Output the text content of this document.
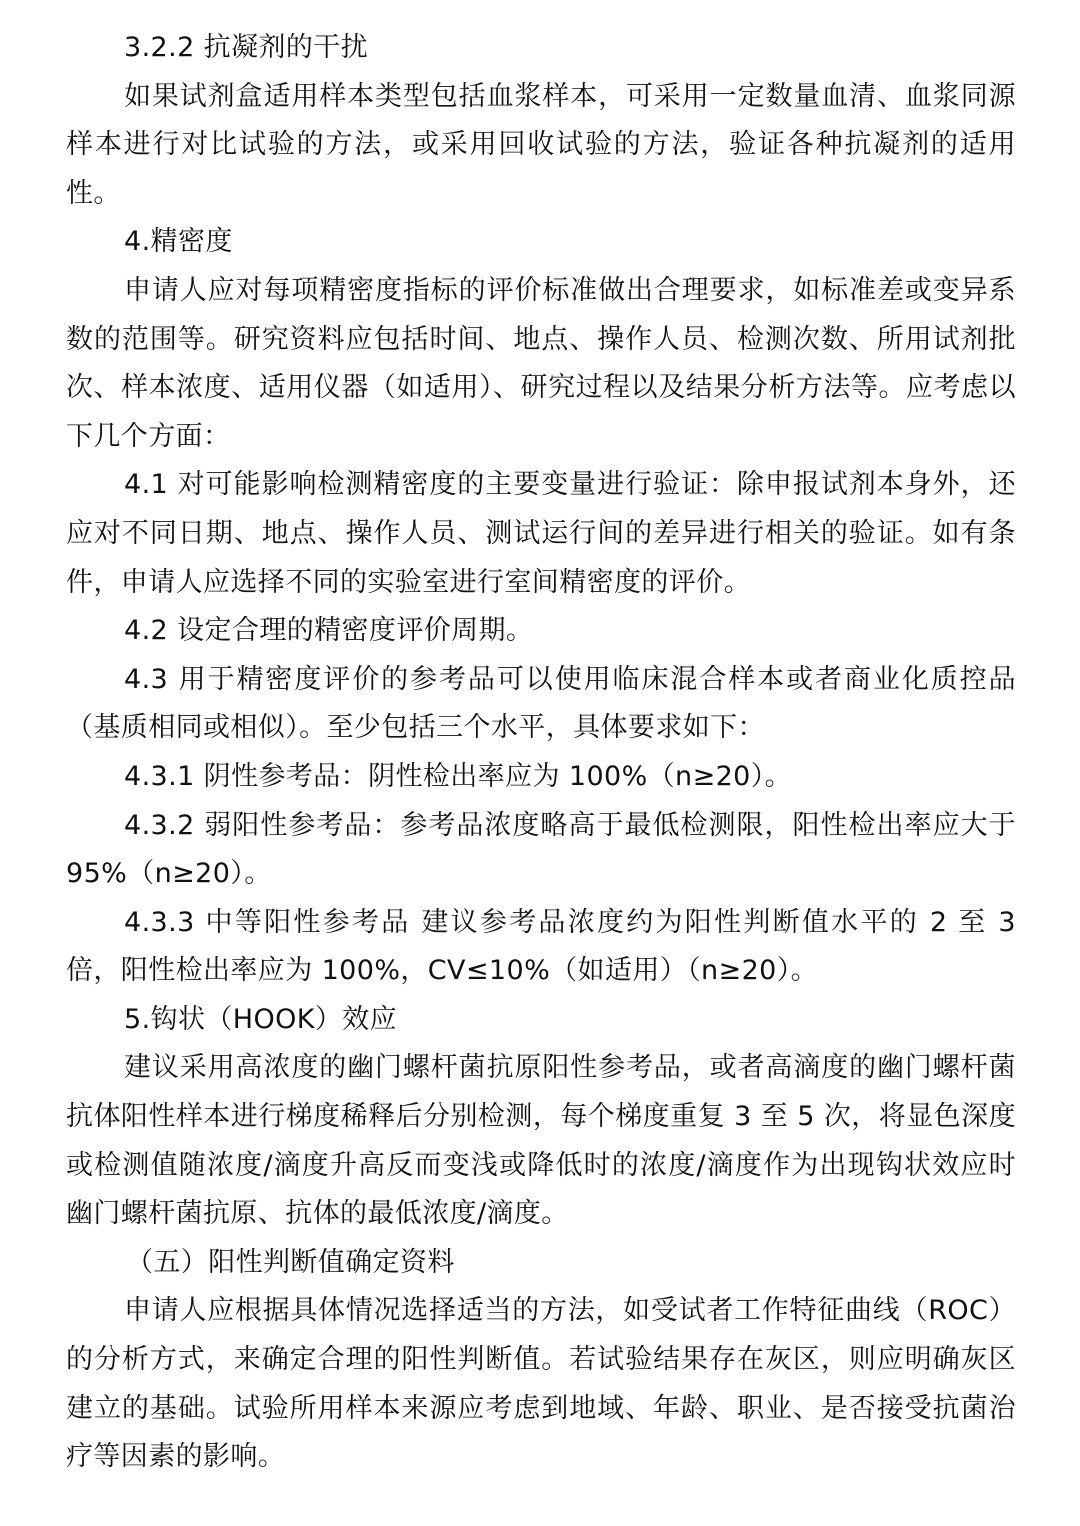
3.2.2 抗凝剂的干扰

如果试剂盒适用样本类型包括血浆样本，可采用一定数量血清、血浆同源样本进行对比试验的方法，或采用回收试验的方法，验证各种抗凝剂的适用性。

4.精密度

申请人应对每项精密度指标的评价标准做出合理要求，如标准差或变异系数的范围等。研究资料应包括时间、地点、操作人员、检测次数、所用试剂批次、样本浓度、适用仪器（如适用）、研究过程以及结果分析方法等。应考虑以下几个方面：

4.1 对可能影响检测精密度的主要变量进行验证：除申报试剂本身外，还应对不同日期、地点、操作人员、测试运行间的差异进行相关的验证。如有条件，申请人应选择不同的实验室进行室间精密度的评价。

4.2 设定合理的精密度评价周期。

4.3 用于精密度评价的参考品可以使用临床混合样本或者商业化质控品（基质相同或相似）。至少包括三个水平，具体要求如下：

4.3.1 阴性参考品：阴性检出率应为 100%（n≥20）。

4.3.2 弱阳性参考品：参考品浓度略高于最低检测限，阳性检出率应大于 95%（n≥20）。

4.3.3 中等阳性参考品 建议参考品浓度约为阳性判断值水平的 2 至 3 倍，阳性检出率应为 100%，CV≤10%（如适用）（n≥20）。

5.钩状（HOOK）效应

建议采用高浓度的幽门螺杆菌抗原阳性参考品，或者高滴度的幽门螺杆菌抗体阳性样本进行梯度稀释后分别检测，每个梯度重复 3 至 5 次，将显色深度或检测值随浓度/滴度升高反而变浅或降低时的浓度/滴度作为出现钩状效应时幽门螺杆菌抗原、抗体的最低浓度/滴度。

（五）阳性判断值确定资料

申请人应根据具体情况选择适当的方法，如受试者工作特征曲线（ROC）的分析方式，来确定合理的阳性判断值。若试验结果存在灰区，则应明确灰区建立的基础。试验所用样本来源应考虑到地域、年龄、职业、是否接受抗菌治疗等因素的影响。
